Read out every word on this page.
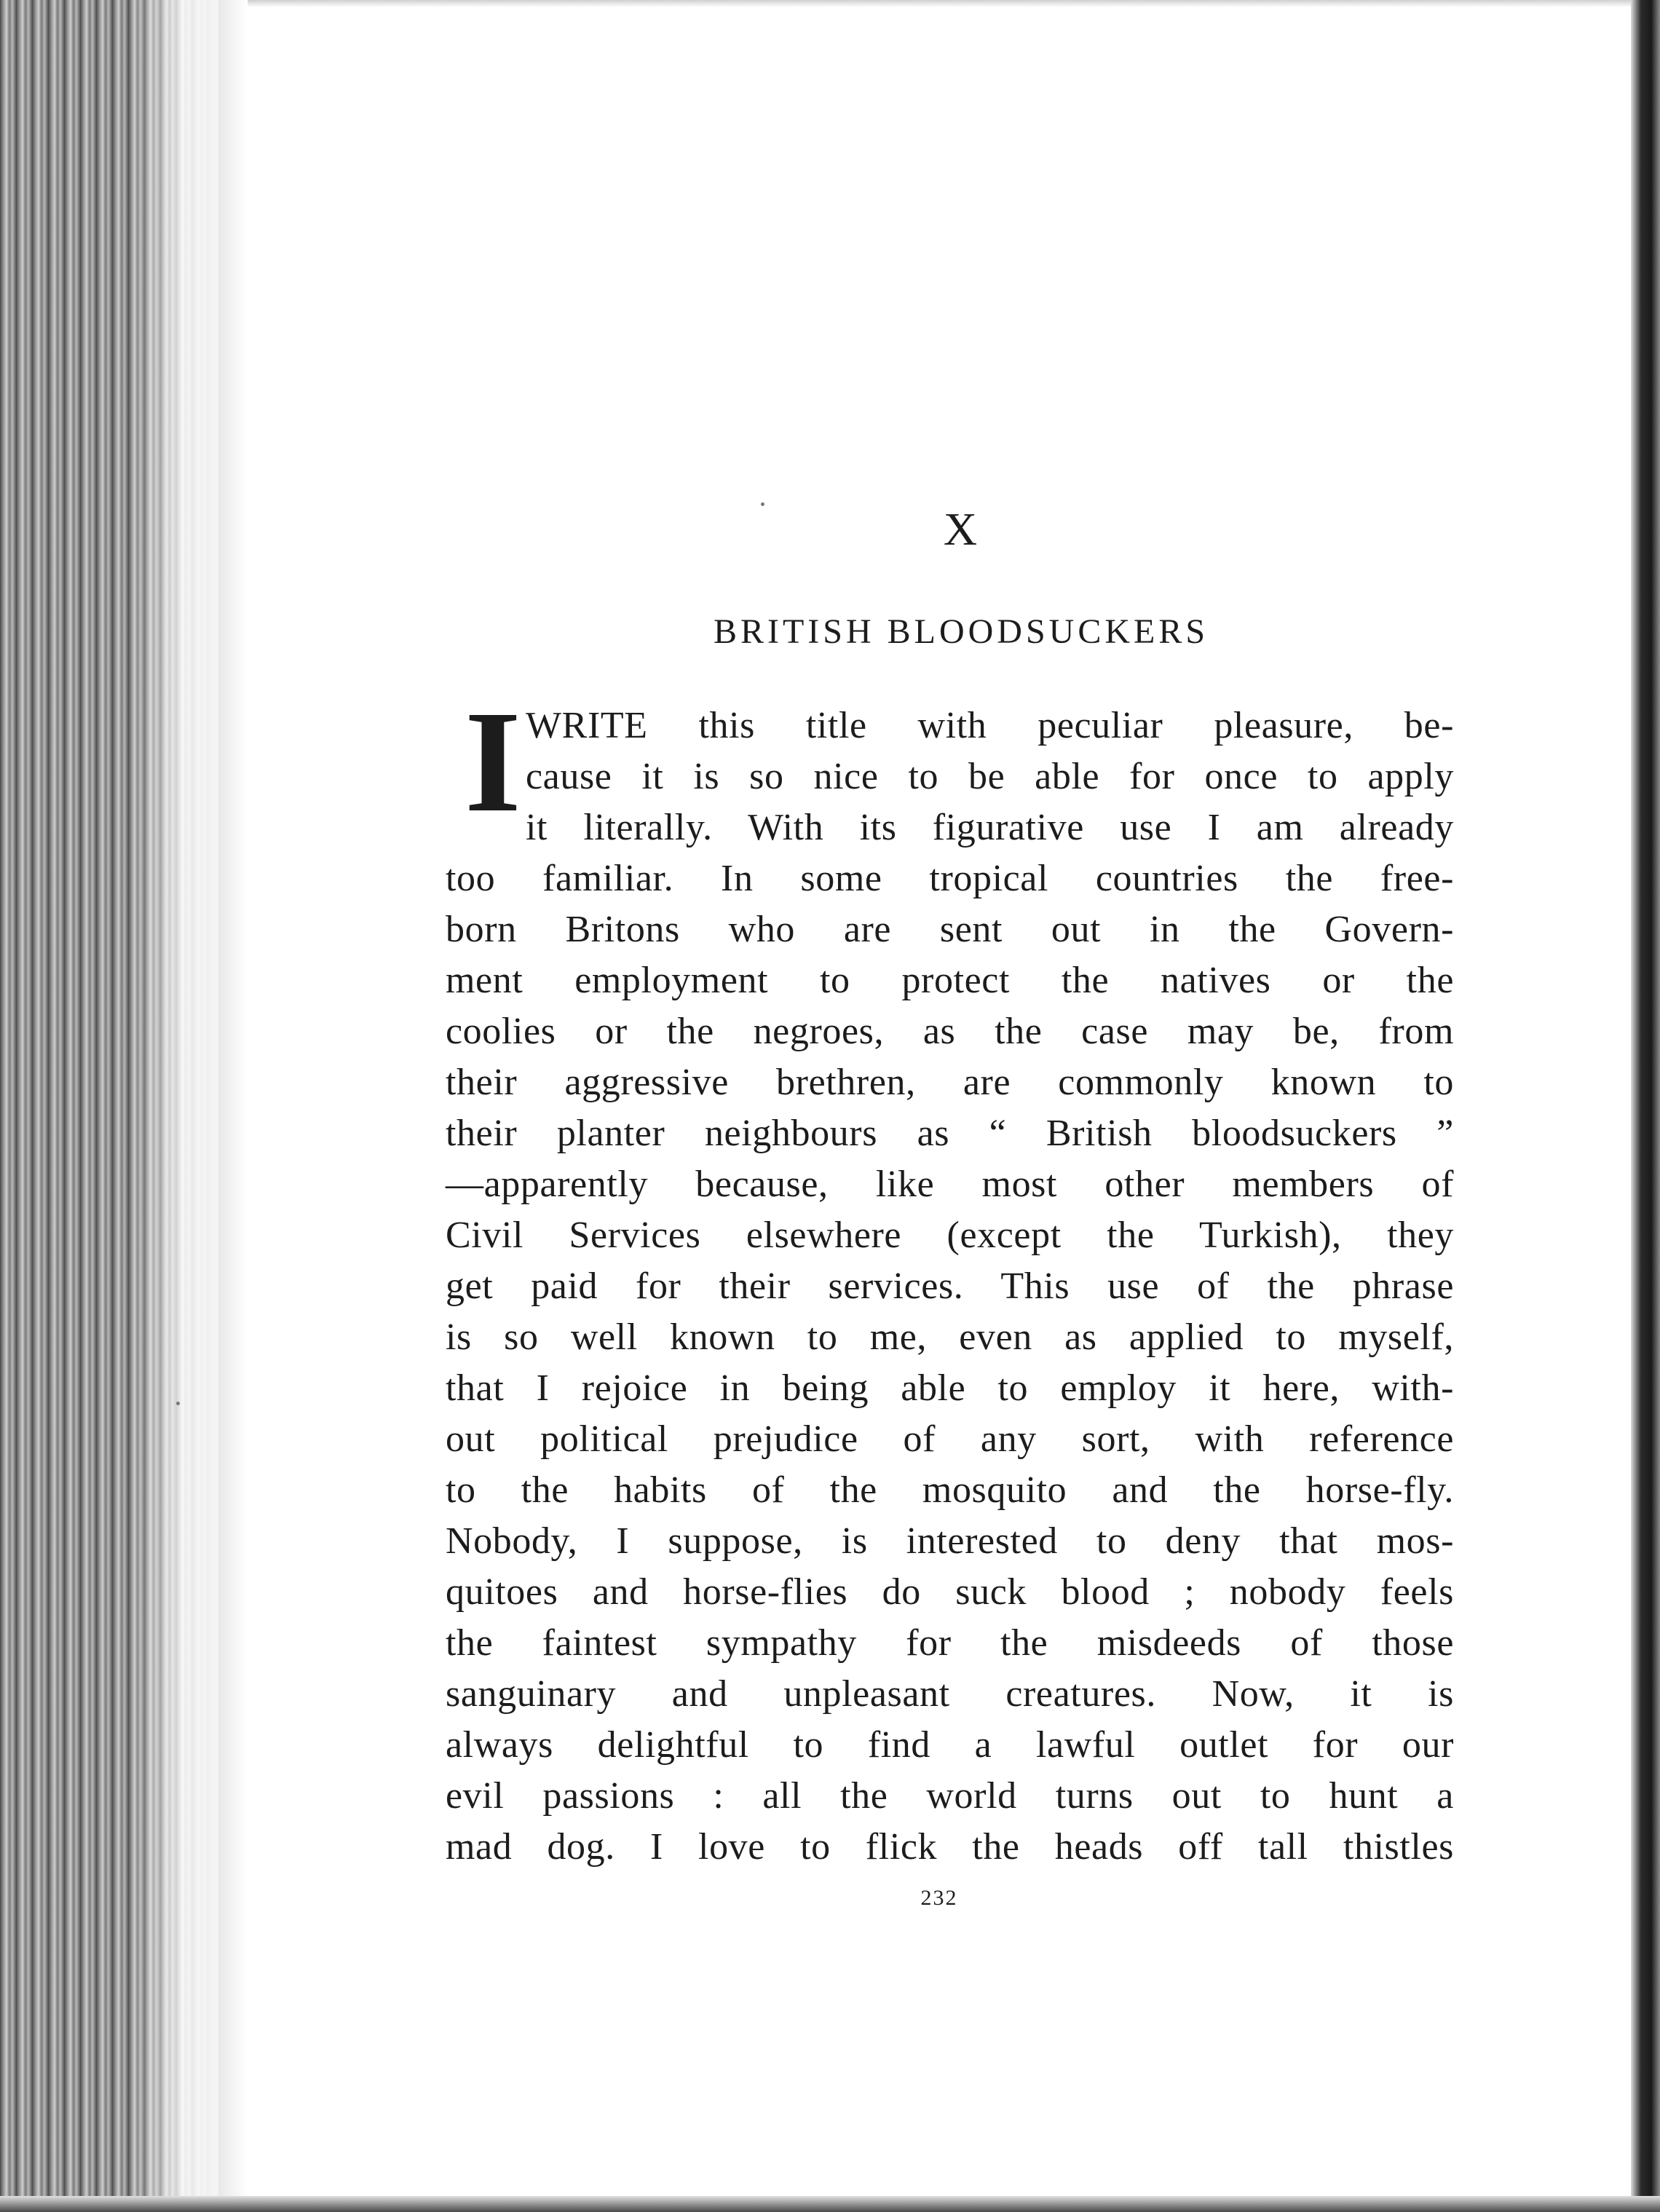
X
BRITISH BLOODSUCKERS
I WRITE this title with peculiar pleasure, be-
cause it is so nice to be able for once to apply
it literally. With its figurative use I am already
too familiar. In some tropical countries the free-
born Britons who are sent out in the Govern-
ment employment to protect the natives or the
coolies or the negroes, as the case may be, from
their aggressive brethren, are commonly known to
their planter neighbours as “ British bloodsuckers ”
—apparently because, like most other members of
Civil Services elsewhere (except the Turkish), they
get paid for their services. This use of the phrase
is so well known to me, even as applied to myself,
that I rejoice in being able to employ it here, with-
out political prejudice of any sort, with reference
to the habits of the mosquito and the horse-fly.
Nobody, I suppose, is interested to deny that mos-
quitoes and horse-flies do suck blood ; nobody feels
the faintest sympathy for the misdeeds of those
sanguinary and unpleasant creatures. Now, it is
always delightful to find a lawful outlet for our
evil passions : all the world turns out to hunt a
mad dog. I love to flick the heads off tall thistles
232
